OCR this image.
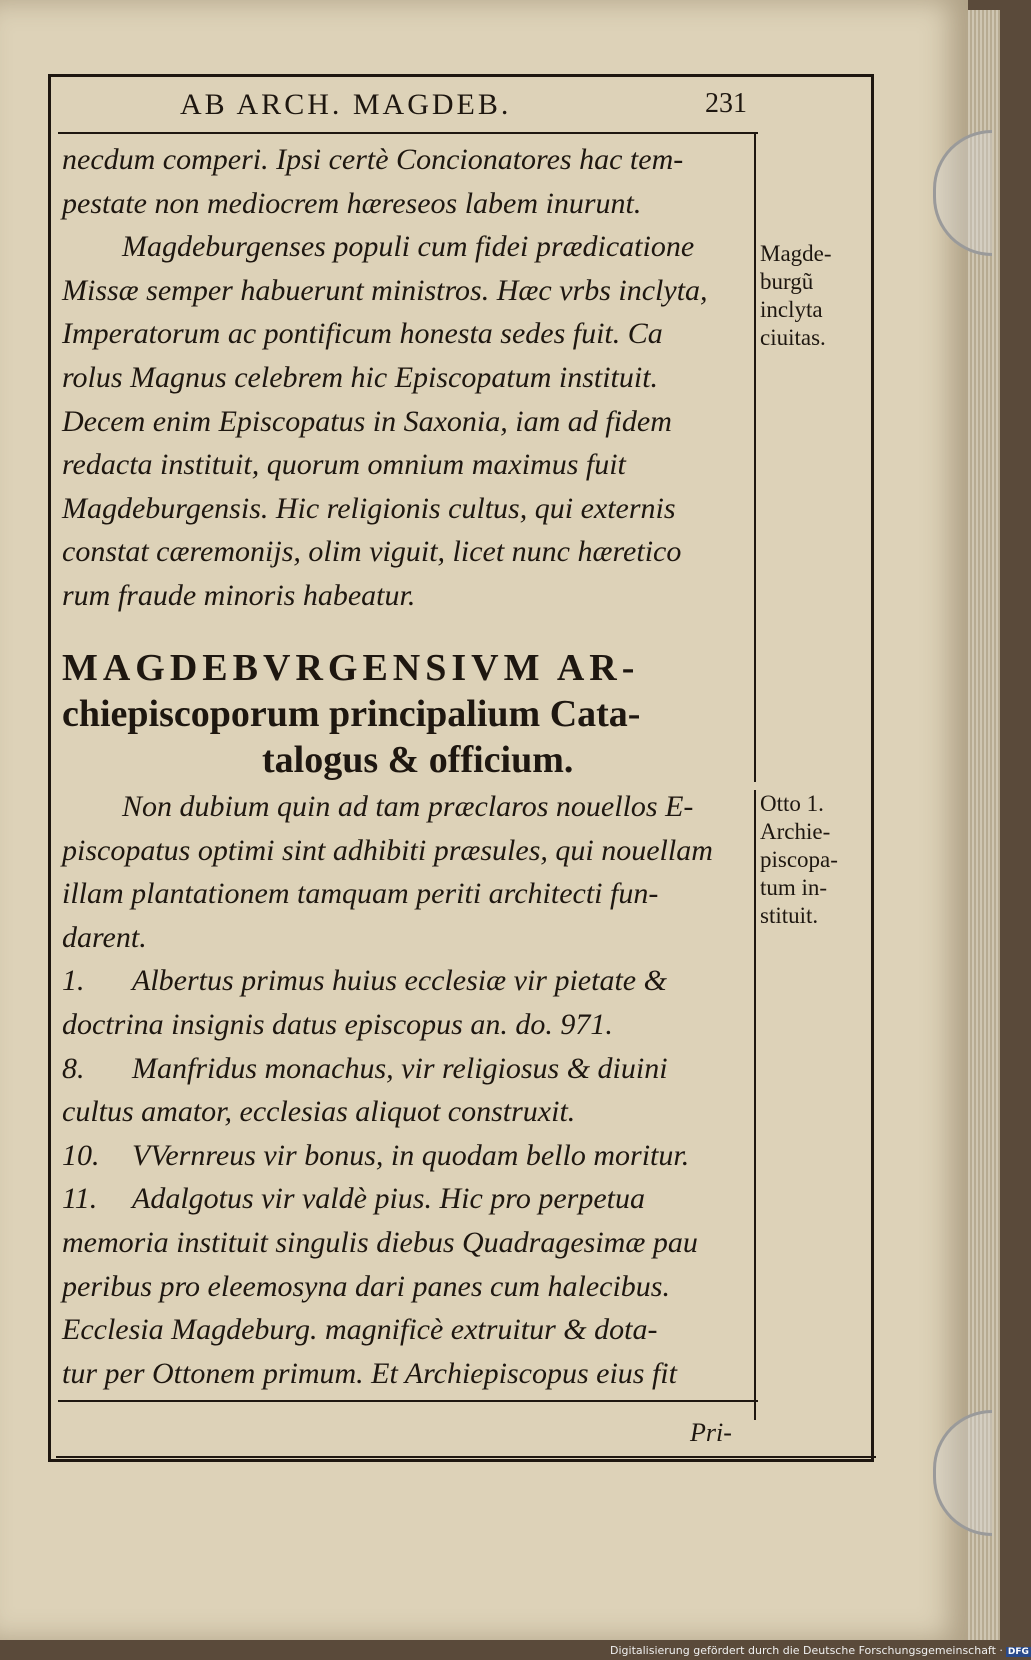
AB ARCH. MAGDEB.	231

necdum comperi. Ipsi certè Concionatores hac tem-
pestate non mediocrem hæreseos labem inurunt.

Magdeburgenses populi cum fidei prædicatione
Missæ semper habuerunt ministros. Hæc vrbs inclyta,
Imperatorum ac pontificum honesta sedes fuit. Ca
rolus Magnus celebrem hic Episcopatum instituit.
Decem enim Episcopatus in Saxonia, iam ad fidem
redacta instituit, quorum omnium maximus fuit
Magdeburgensis. Hic religionis cultus, qui externis
constat cæremonijs, olim viguit, licet nunc hæretico
rum fraude minoris habeatur.

MAGDEBVRGENSIVM AR-
chiepiscoporum principalium Cata-
talogus & officium.

Non dubium quin ad tam præclaros nouellos E-
piscopatus optimi sint adhibiti præsules, qui nouellam
illam plantationem tamquam periti architecti fun-
darent.

1. Albertus primus huius ecclesiæ vir pietate &
doctrina insignis datus episcopus an. do. 971.

8. Manfridus monachus, vir religiosus & diuini
cultus amator, ecclesias aliquot construxit.

10. VVernreus vir bonus, in quodam bello moritur.

11. Adalgotus vir valdè pius. Hic pro perpetua
memoria instituit singulis diebus Quadragesimæ pau
peribus pro eleemosyna dari panes cum halecibus.
Ecclesia Magdeburg. magnificè extruitur & dota-
tur per Ottonem primum. Et Archiepiscopus eius fit

Magde-
burgũ
inclyta
ciuitas.
Otto 1.
Archie-
piscopa-
tum in-
stituit.
Pri-
Digitalisierung gefördert durch die Deutsche Forschungsgemeinschaft · DFG
